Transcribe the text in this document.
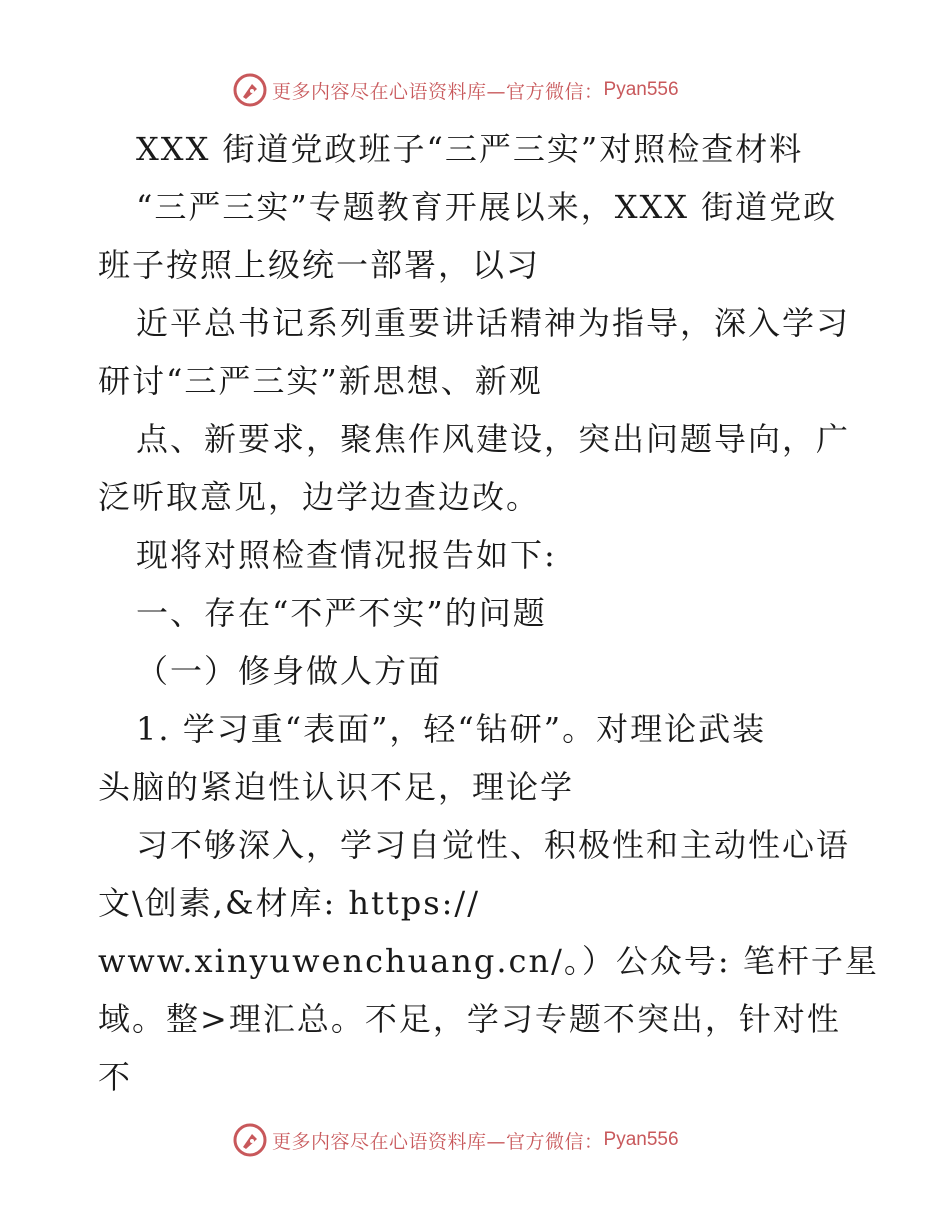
更多内容尽在心语资料库—官方微信： Pyan556
XXX 街道党政班子“三严三实”对照检查材料
“三严三实”专题教育开展以来，XXX 街道党政
班子按照上级统一部署，以习
近平总书记系列重要讲话精神为指导，深入学习
研讨“三严三实”新思想、新观
点、新要求，聚焦作风建设，突出问题导向，广
泛听取意见，边学边查边改。
现将对照检查情况报告如下:
一、存在“不严不实”的问题
（一）修身做人方面
1. 学习重“表面”，轻“钻研”。对理论武装
头脑的紧迫性认识不足，理论学
习不够深入，学习自觉性、积极性和主动性心语
文\创素,&材库: https://
www.xinyuwenchuang.cn/。）公众号: 笔杆子星
域。整>理汇总。不足，学习专题不突出，针对性
不
更多内容尽在心语资料库—官方微信： Pyan556
